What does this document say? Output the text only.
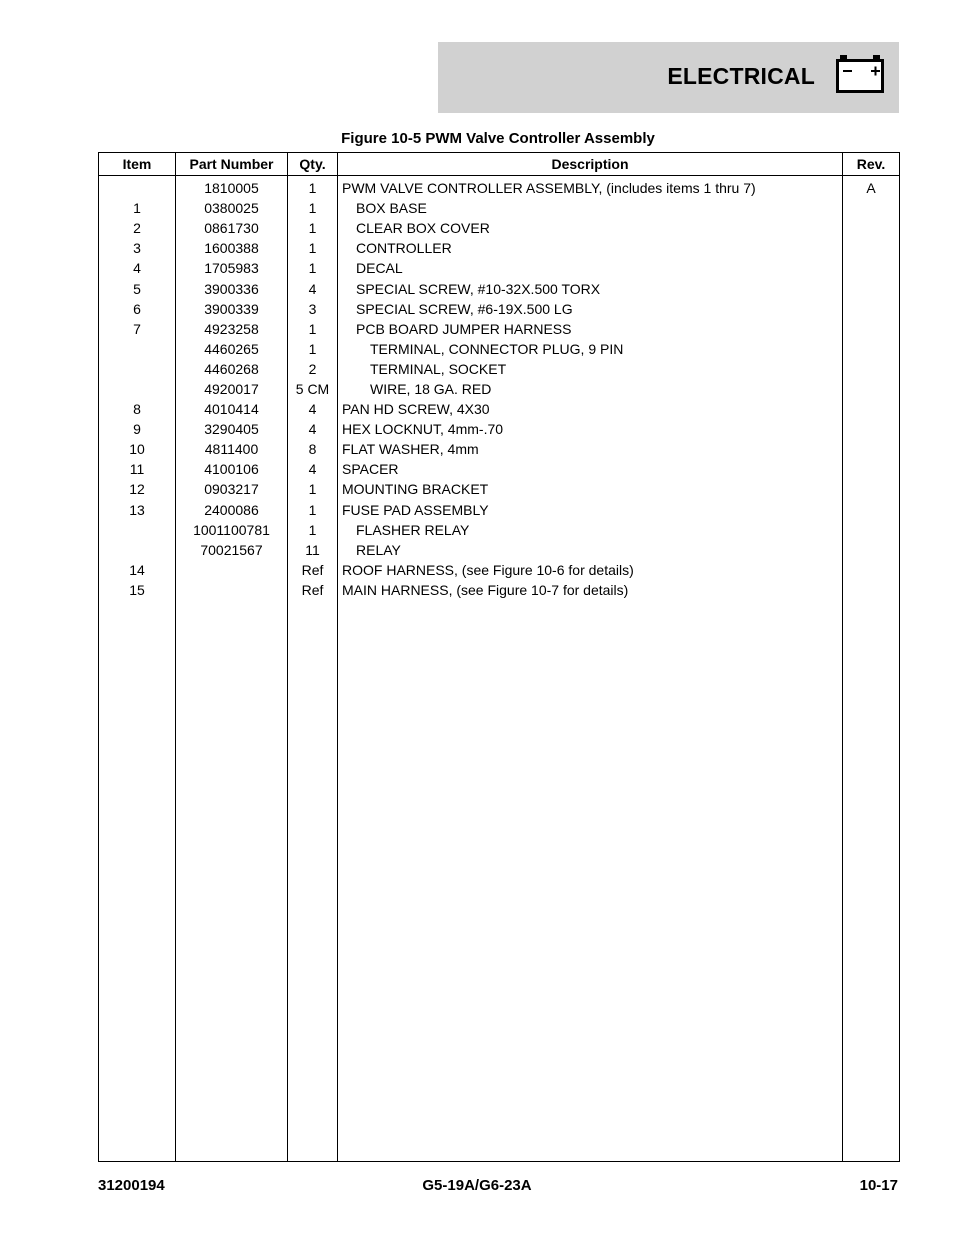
ELECTRICAL
Figure 10-5 PWM Valve Controller Assembly
Item	Part Number	Qty.	Description	Rev.
	1810005	1	PWM VALVE CONTROLLER ASSEMBLY, (includes items 1 thru 7)	A
1	0380025	1	BOX BASE	
2	0861730	1	CLEAR BOX COVER	
3	1600388	1	CONTROLLER	
4	1705983	1	DECAL	
5	3900336	4	SPECIAL SCREW, #10-32X.500 TORX	
6	3900339	3	SPECIAL SCREW, #6-19X.500 LG	
7	4923258	1	PCB BOARD JUMPER HARNESS	
	4460265	1	TERMINAL, CONNECTOR PLUG, 9 PIN	
	4460268	2	TERMINAL, SOCKET	
	4920017	5 CM	WIRE, 18 GA. RED	
8	4010414	4	PAN HD SCREW, 4X30	
9	3290405	4	HEX LOCKNUT, 4mm-.70	
10	4811400	8	FLAT WASHER, 4mm	
11	4100106	4	SPACER	
12	0903217	1	MOUNTING BRACKET	
13	2400086	1	FUSE PAD ASSEMBLY	
	1001100781	1	FLASHER RELAY	
	70021567	11	RELAY	
14		Ref	ROOF HARNESS, (see Figure 10-6 for details)	
15		Ref	MAIN HARNESS, (see Figure 10-7 for details)	

31200194	G5-19A/G6-23A	10-17
